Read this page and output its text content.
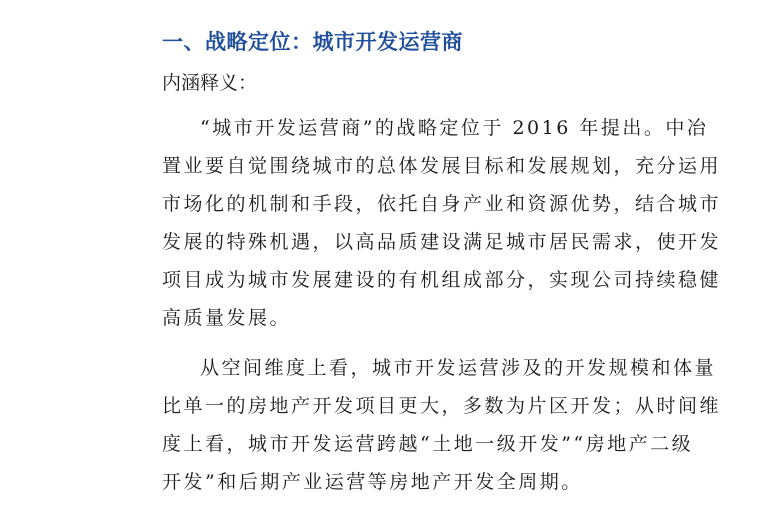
一、战略定位：城市开发运营商
内涵释义：
“城市开发运营商”的战略定位于 2016 年提出。中冶
置业要自觉围绕城市的总体发展目标和发展规划，充分运用
市场化的机制和手段，依托自身产业和资源优势，结合城市
发展的特殊机遇，以高品质建设满足城市居民需求，使开发
项目成为城市发展建设的有机组成部分，实现公司持续稳健
高质量发展。
从空间维度上看，城市开发运营涉及的开发规模和体量
比单一的房地产开发项目更大，多数为片区开发；从时间维
度上看，城市开发运营跨越“土地一级开发”“房地产二级
开发”和后期产业运营等房地产开发全周期。
